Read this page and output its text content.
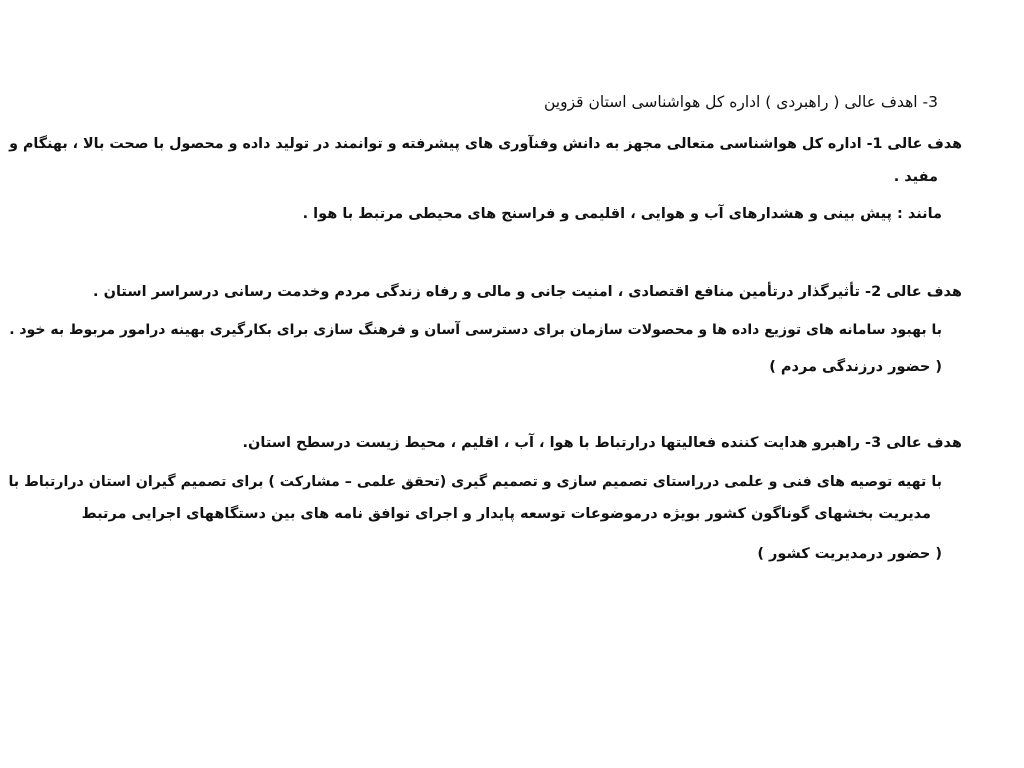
3- اهدف عالی ( راهبردی ) اداره کل هواشناسی استان قزوین
هدف عالی 1- اداره کل هواشناسی متعالی مجهز به دانش وفنآوری های پیشرفته و توانمند در تولید داده و محصول با صحت بالا ، بهنگام و
مفید .
مانند : پیش بینی و هشدارهای آب و هوایی ، اقلیمی و فراسنج های محیطی مرتبط با هوا .
هدف عالی 2- تأثیرگذار درتأمین منافع اقتصادی ، امنیت جانی و مالی و رفاه زندگی مردم وخدمت رسانی درسراسر استان .
با بهبود سامانه های توزیع داده ها و محصولات سازمان برای دسترسی آسان و فرهنگ سازی برای بکارگیری بهینه درامور مربوط به خود .
( حضور درزندگی مردم )
هدف عالی 3- راهبرو هدایت کننده فعالیتها درارتباط با هوا ، آب ، اقلیم ، محیط زیست درسطح استان.
با تهیه توصیه های فنی و علمی درراستای تصمیم سازی و تصمیم گیری (تحقق علمی – مشارکت ) برای تصمیم گیران استان درارتباط با
مدیریت بخشهای گوناگون کشور بویژه درموضوعات توسعه پایدار و اجرای توافق نامه های بین دستگاههای اجرایی مرتبط
( حضور درمدیریت کشور )
